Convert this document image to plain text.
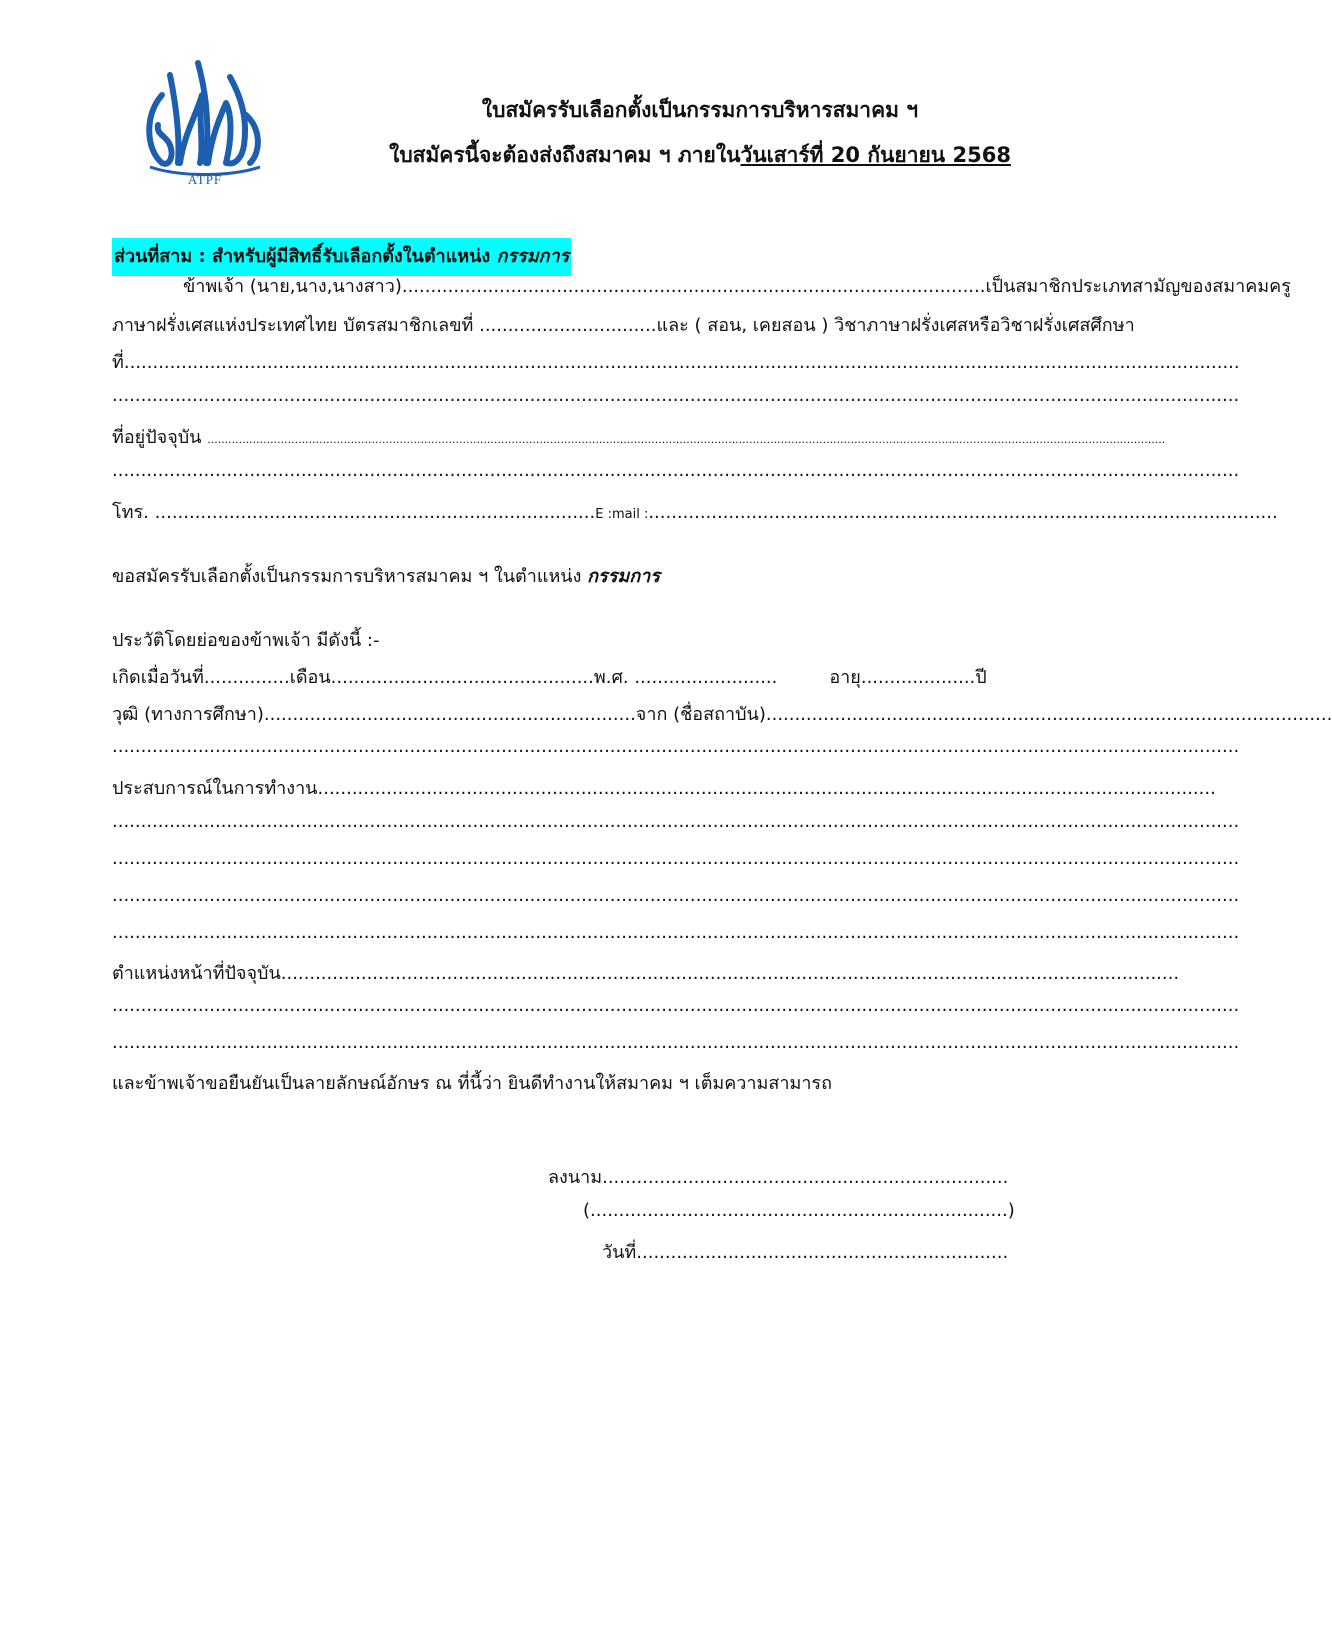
ATPF
ใบสมัครรับเลือกตั้งเป็นกรรมการบริหารสมาคม ฯ
ใบสมัครนี้จะต้องส่งถึงสมาคม ฯ ภายในวันเสาร์ที่ 20 กันยายน 2568
ส่วนที่สาม : สำหรับผู้มีสิทธิ์รับเลือกตั้งในตำแหน่ง กรรมการ
ข้าพเจ้า (นาย,นาง,นางสาว)......................................................................................................เป็นสมาชิกประเภทสามัญของสมาคมครู
ภาษาฝรั่งเศสแห่งประเทศไทย บัตรสมาชิกเลขที่ ...............................และ ( สอน, เคยสอน ) วิชาภาษาฝรั่งเศสหรือวิชาฝรั่งเศสศึกษา
ที่...................................................................................................................................................................................................
.....................................................................................................................................................................................................
ที่อยู่ปัจจุบัน ..................................................................................................................................................................................................................................................................................
.....................................................................................................................................................................................................
โทร. .............................................................................E :mail :..............................................................................................................
ขอสมัครรับเลือกตั้งเป็นกรรมการบริหารสมาคม ฯ ในตำแหน่ง กรรมการ
ประวัติโดยย่อของข้าพเจ้า มีดังนี้ :-
เกิดเมื่อวันที่...............เดือน..............................................พ.ศ. .........................	อายุ....................ปี
วุฒิ (ทางการศึกษา).................................................................จาก (ชื่อสถาบัน)...................................................................................................
.....................................................................................................................................................................................................
ประสบการณ์ในการทำงาน.............................................................................................................................................................
.....................................................................................................................................................................................................
.....................................................................................................................................................................................................
.....................................................................................................................................................................................................
.....................................................................................................................................................................................................
ตำแหน่งหน้าที่ปัจจุบัน.............................................................................................................................................................
.....................................................................................................................................................................................................
.....................................................................................................................................................................................................
และข้าพเจ้าขอยืนยันเป็นลายลักษณ์อักษร ณ ที่นี้ว่า ยินดีทำงานให้สมาคม ฯ เต็มความสามารถ
ลงนาม.......................................................................
(.........................................................................)
วันที่.................................................................
